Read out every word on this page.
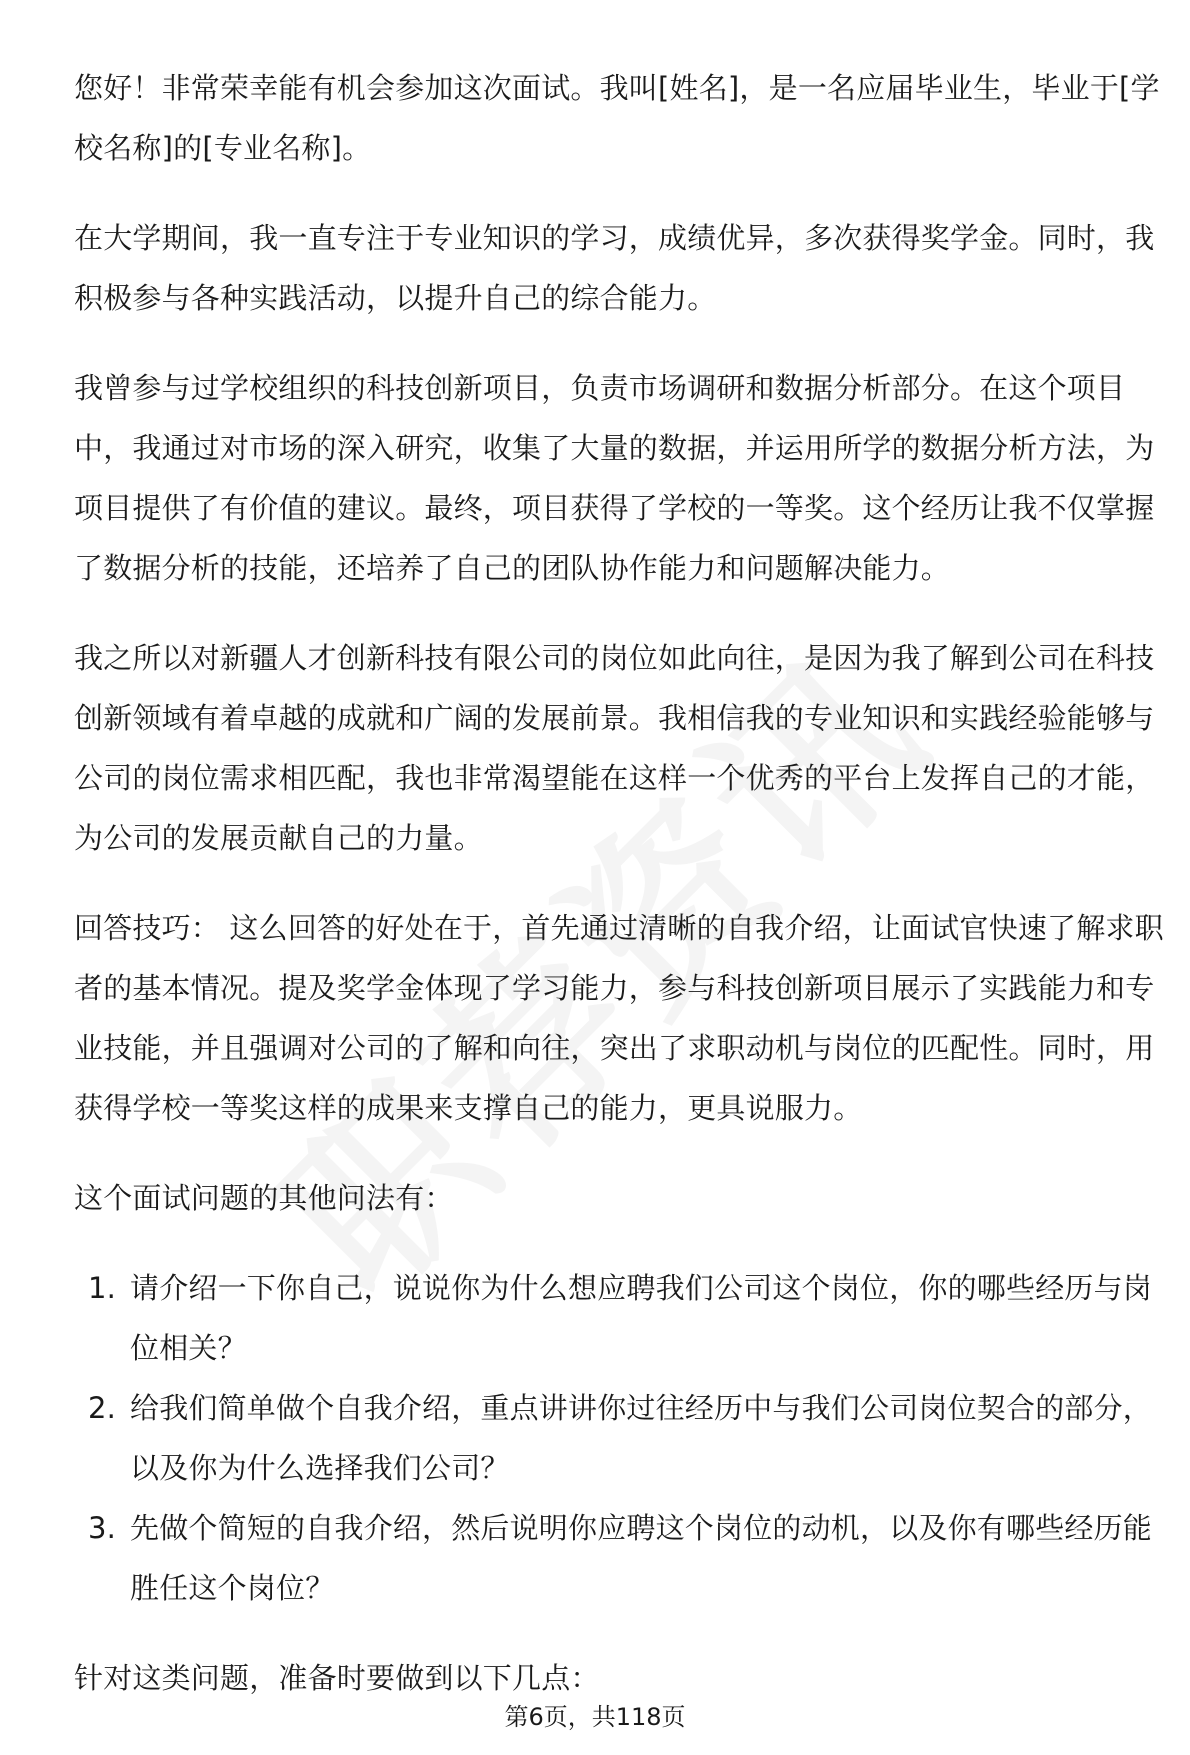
您好！非常荣幸能有机会参加这次面试。我叫[姓名]，是一名应届毕业生，毕业于[学校名称]的[专业名称]。

在大学期间，我一直专注于专业知识的学习，成绩优异，多次获得奖学金。同时，我积极参与各种实践活动，以提升自己的综合能力。

我曾参与过学校组织的科技创新项目，负责市场调研和数据分析部分。在这个项目中，我通过对市场的深入研究，收集了大量的数据，并运用所学的数据分析方法，为项目提供了有价值的建议。最终，项目获得了学校的一等奖。这个经历让我不仅掌握了数据分析的技能，还培养了自己的团队协作能力和问题解决能力。

我之所以对新疆人才创新科技有限公司的岗位如此向往，是因为我了解到公司在科技创新领域有着卓越的成就和广阔的发展前景。我相信我的专业知识和实践经验能够与公司的岗位需求相匹配，我也非常渴望能在这样一个优秀的平台上发挥自己的才能，为公司的发展贡献自己的力量。

回答技巧： 这么回答的好处在于，首先通过清晰的自我介绍，让面试官快速了解求职者的基本情况。提及奖学金体现了学习能力，参与科技创新项目展示了实践能力和专业技能，并且强调对公司的了解和向往，突出了求职动机与岗位的匹配性。同时，用获得学校一等奖这样的成果来支撑自己的能力，更具说服力。

这个面试问题的其他问法有：

1. 请介绍一下你自己，说说你为什么想应聘我们公司这个岗位，你的哪些经历与岗位相关？
2. 给我们简单做个自我介绍，重点讲讲你过往经历中与我们公司岗位契合的部分，以及你为什么选择我们公司？
3. 先做个简短的自我介绍，然后说明你应聘这个岗位的动机，以及你有哪些经历能胜任这个岗位？

针对这类问题，准备时要做到以下几点：

第6页，共118页
